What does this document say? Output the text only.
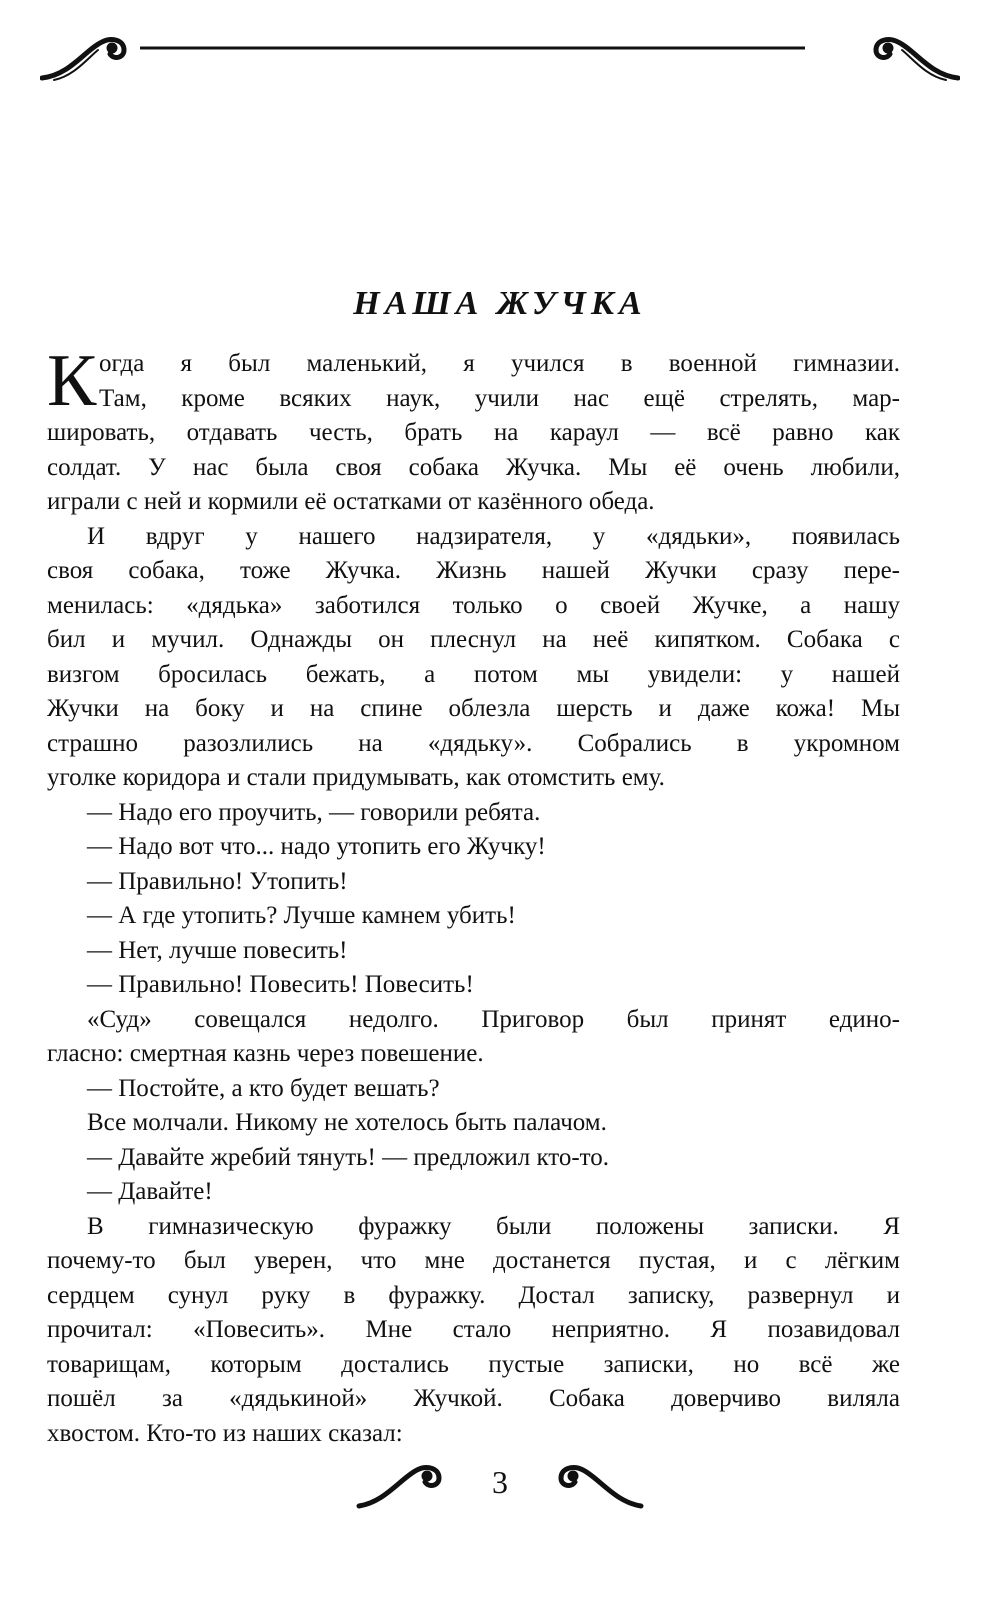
НАША ЖУЧКА
К огда я был маленький, я учился в военной гимназии.
Там, кроме всяких наук, учили нас ещё стрелять, мар-
шировать, отдавать честь, брать на караул — всё равно как
солдат. У нас была своя собака Жучка. Мы её очень любили,
играли с ней и кормили её остатками от казённого обеда.
И вдруг у нашего надзирателя, у «дядьки», появилась
своя собака, тоже Жучка. Жизнь нашей Жучки сразу пере-
менилась: «дядька» заботился только о своей Жучке, а нашу
бил и мучил. Однажды он плеснул на неё кипятком. Собака с
визгом бросилась бежать, а потом мы увидели: у нашей
Жучки на боку и на спине облезла шерсть и даже кожа! Мы
страшно разозлились на «дядьку». Собрались в укромном
уголке коридора и стали придумывать, как отомстить ему.
— Надо его проучить, — говорили ребята.
— Надо вот что... надо утопить его Жучку!
— Правильно! Утопить!
— А где утопить? Лучше камнем убить!
— Нет, лучше повесить!
— Правильно! Повесить! Повесить!
«Суд» совещался недолго. Приговор был принят едино-
гласно: смертная казнь через повешение.
— Постойте, а кто будет вешать?
Все молчали. Никому не хотелось быть палачом.
— Давайте жребий тянуть! — предложил кто-то.
— Давайте!
В гимназическую фуражку были положены записки. Я
почему-то был уверен, что мне достанется пустая, и с лёгким
сердцем сунул руку в фуражку. Достал записку, развернул и
прочитал: «Повесить». Мне стало неприятно. Я позавидовал
товарищам, которым достались пустые записки, но всё же
пошёл за «дядькиной» Жучкой. Собака доверчиво виляла
хвостом. Кто-то из наших сказал:
3
